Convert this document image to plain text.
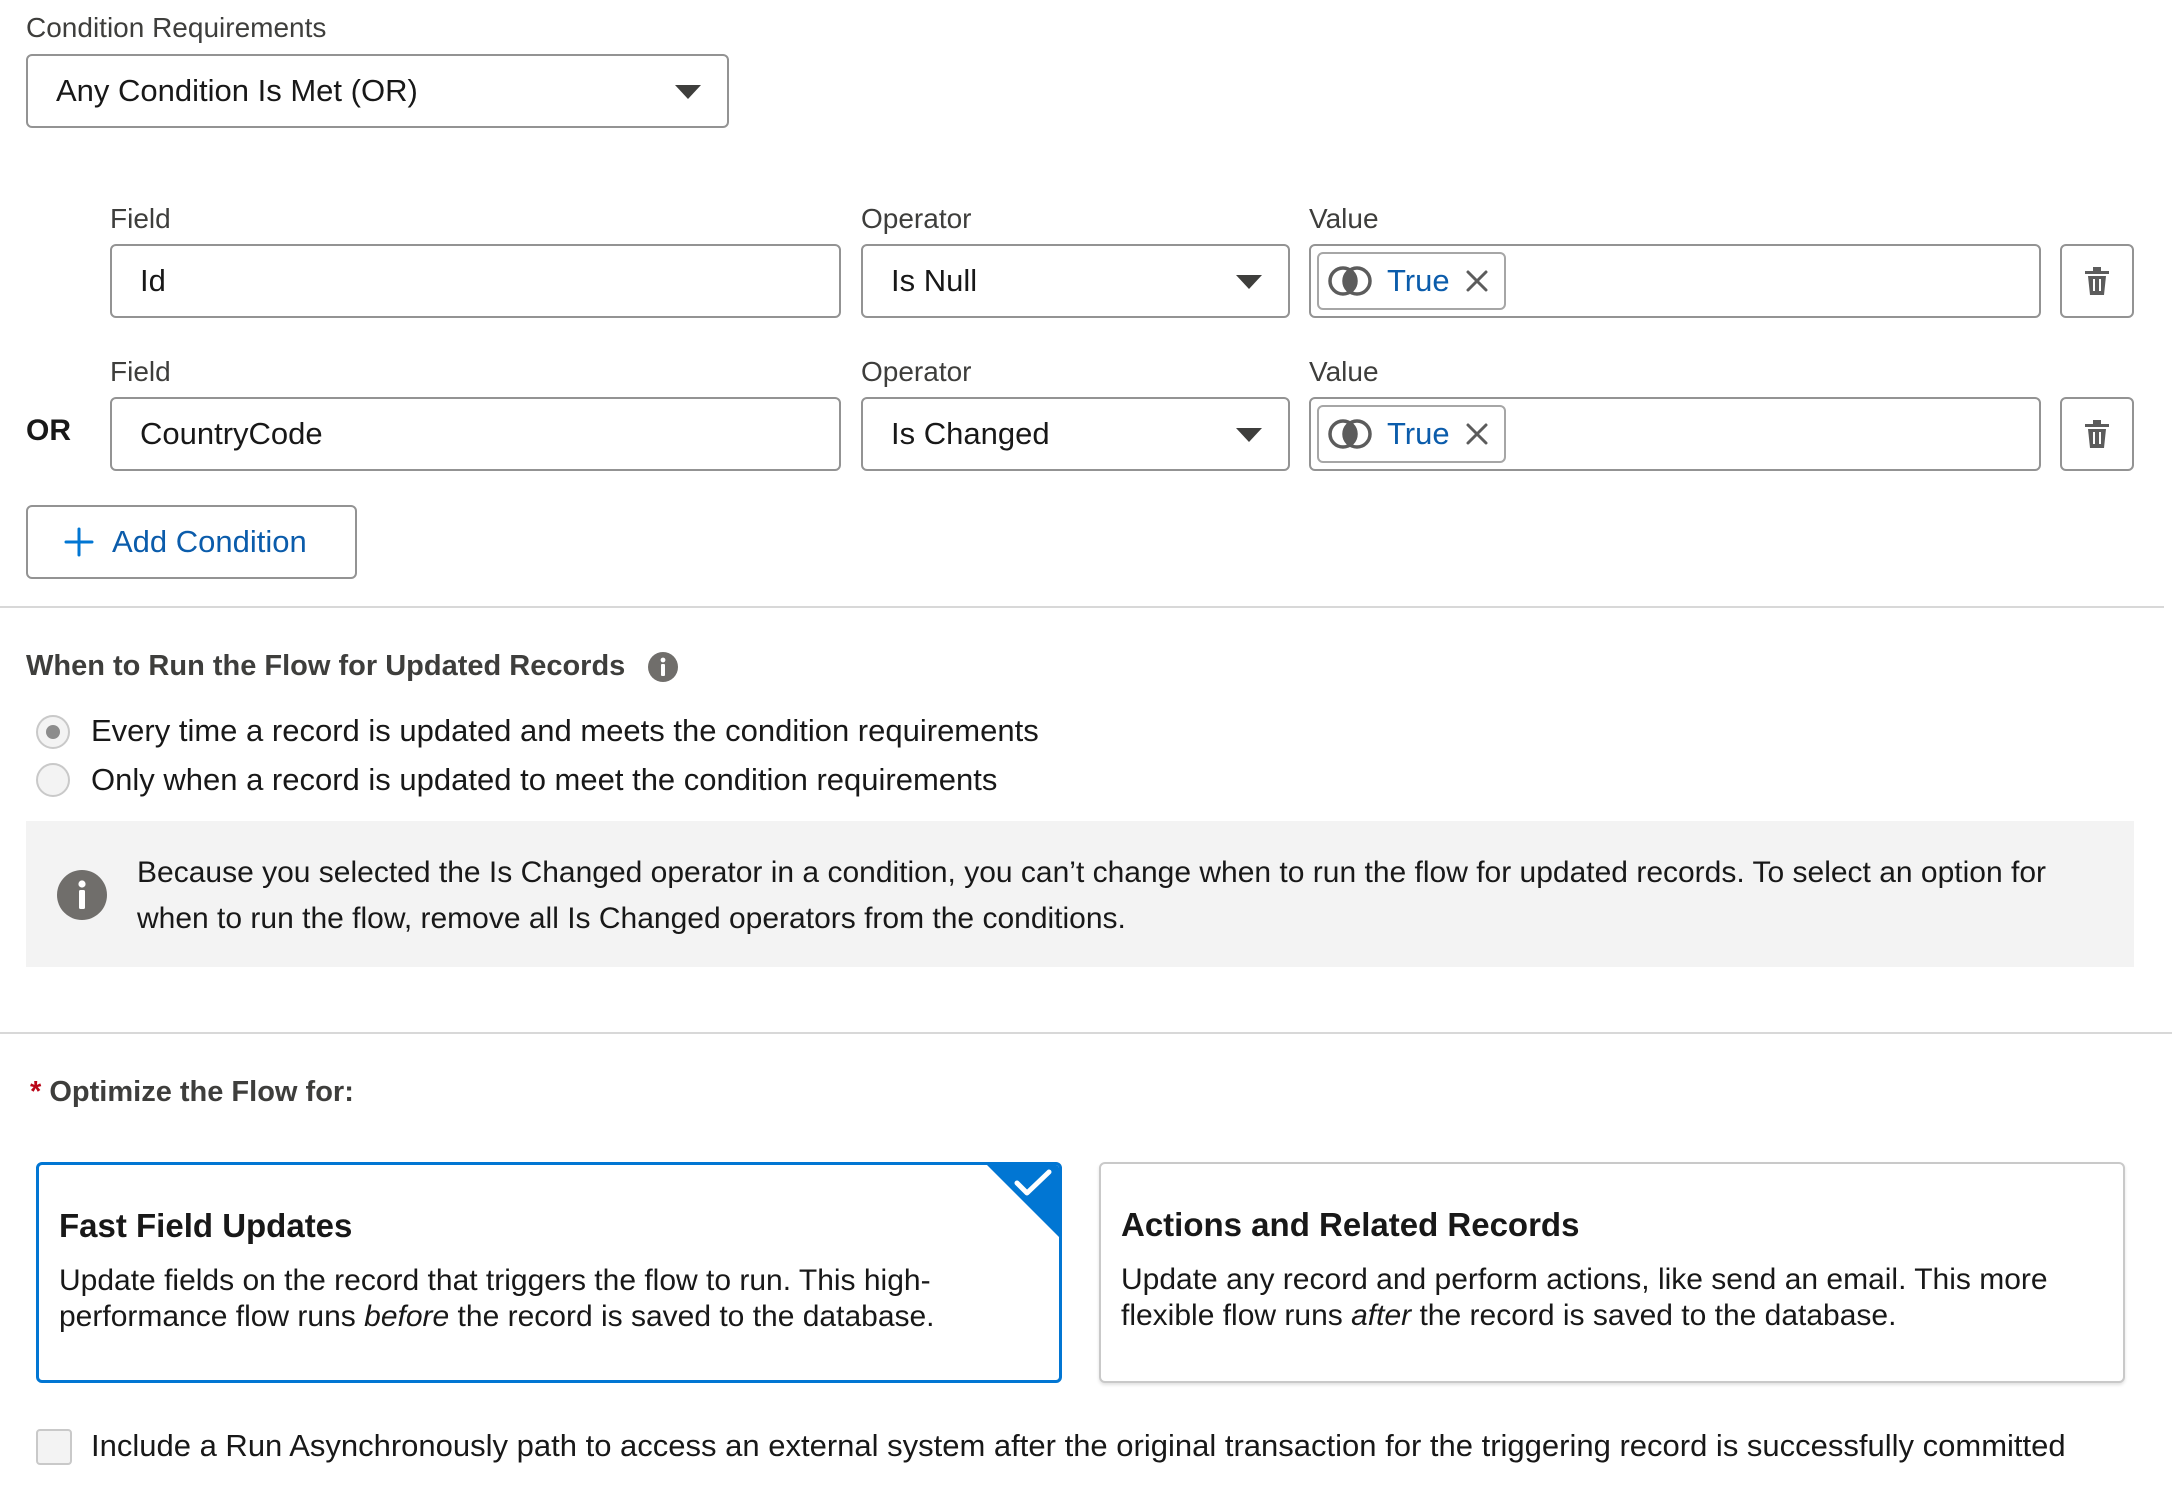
Condition Requirements
Any Condition Is Met (OR)
Field
Id
Operator
Is Null
Value
True
OR
Field
CountryCode
Operator
Is Changed
Value
True
Add Condition
When to Run the Flow for Updated Records
Every time a record is updated and meets the condition requirements
Only when a record is updated to meet the condition requirements
Because you selected the Is Changed operator in a condition, you can’t change when to run the flow for updated records. To select an option for when to run the flow, remove all Is Changed operators from the conditions.
* Optimize the Flow for:
Fast Field Updates
Update fields on the record that triggers the flow to run. This high-performance flow runs before the record is saved to the database.
Actions and Related Records
Update any record and perform actions, like send an email. This more flexible flow runs after the record is saved to the database.
Include a Run Asynchronously path to access an external system after the original transaction for the triggering record is successfully committed
